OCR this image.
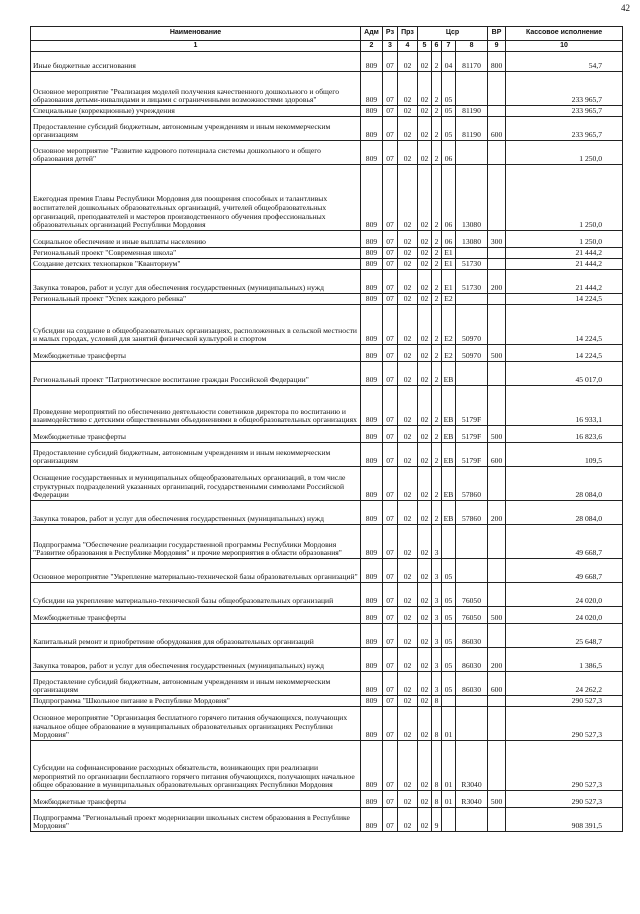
42
Наименование	Адм	Рз	Прз	Цср				ВР	Кассовое исполнение
1	2	3	4	5	6	7	8	9	10
Иные бюджетные ассигнования	809	07	02	02	2	04	81170	800	54,7
Основное мероприятие "Реализация моделей получения качественного дошкольного и общего образования детьми-инвалидами и лицами с ограниченными возможностями здоровья"	809	07	02	02	2	05			233 965,7
Специальные (коррекционные) учреждения	809	07	02	02	2	05	81190		233 965,7
Предоставление субсидий бюджетным, автономным учреждениям и иным некоммерческим организациям	809	07	02	02	2	05	81190	600	233 965,7
Основное мероприятие "Развитие кадрового потенциала системы дошкольного и общего образования детей"	809	07	02	02	2	06			1 250,0
Ежегодная премия Главы Республики Мордовия для поощрения способных и талантливых воспитателей дошкольных образовательных организаций, учителей общеобразовательных организаций, преподавателей и мастеров производственного обучения профессиональных образовательных организаций Республики Мордовия	809	07	02	02	2	06	13080		1 250,0
Социальное обеспечение и иные выплаты населению	809	07	02	02	2	06	13080	300	1 250,0
Региональный проект "Современная школа"	809	07	02	02	2	E1			21 444,2
Создание детских технопарков "Кванториум"	809	07	02	02	2	E1	51730		21 444,2
Закупка товаров, работ и услуг для обеспечения государственных (муниципальных) нужд	809	07	02	02	2	E1	51730	200	21 444,2
Региональный проект "Успех каждого ребенка"	809	07	02	02	2	E2			14 224,5
Субсидии на создание в общеобразовательных организациях, расположенных в сельской местности и малых городах, условий для занятий физической культурой и спортом	809	07	02	02	2	E2	50970		14 224,5
Межбюджетные трансферты	809	07	02	02	2	E2	50970	500	14 224,5
Региональный проект "Патриотическое воспитание граждан Российской Федерации"	809	07	02	02	2	EB			45 017,0
Проведение мероприятий по обеспечению деятельности советников директора по воспитанию и взаимодействию с детскими общественными объединениями в общеобразовательных организациях	809	07	02	02	2	EB	5179F		16 933,1
Межбюджетные трансферты	809	07	02	02	2	EB	5179F	500	16 823,6
Предоставление субсидий бюджетным, автономным учреждениям и иным некоммерческим организациям	809	07	02	02	2	EB	5179F	600	109,5
Оснащение государственных и муниципальных общеобразовательных организаций, в том числе структурных подразделений указанных организаций, государственными символами Российской Федерации	809	07	02	02	2	EB	57860		28 084,0
Закупка товаров, работ и услуг для обеспечения государственных (муниципальных) нужд	809	07	02	02	2	EB	57860	200	28 084,0
Подпрограмма "Обеспечение реализации государственной программы Республики Мордовия "Развитие образования в Республике Мордовия" и прочие мероприятия в области образования"	809	07	02	02	3				49 668,7
Основное мероприятие "Укрепление материально-технической базы образовательных организаций"	809	07	02	02	3	05			49 668,7
Субсидии на укрепление материально-технической базы общеобразовательных организаций	809	07	02	02	3	05	76050		24 020,0
Межбюджетные трансферты	809	07	02	02	3	05	76050	500	24 020,0
Капитальный ремонт и приобретение оборудования для образовательных организаций	809	07	02	02	3	05	86030		25 648,7
Закупка товаров, работ и услуг для обеспечения государственных (муниципальных) нужд	809	07	02	02	3	05	86030	200	1 386,5
Предоставление субсидий бюджетным, автономным учреждениям и иным некоммерческим организациям	809	07	02	02	3	05	86030	600	24 262,2
Подпрограмма "Школьное питание в Республике Мордовия"	809	07	02	02	8				290 527,3
Основное мероприятие "Организация бесплатного горячего питания обучающихся, получающих начальное общее образование в муниципальных образовательных организациях Республики Мордовия"	809	07	02	02	8	01			290 527,3
Субсидии на софинансирование расходных обязательств, возникающих при реализации мероприятий по организации бесплатного горячего питания обучающихся, получающих начальное общее образование в муниципальных образовательных организациях Республики Мордовия	809	07	02	02	8	01	R3040		290 527,3
Межбюджетные трансферты	809	07	02	02	8	01	R3040	500	290 527,3
Подпрограмма "Региональный проект модернизации школьных систем образования в Республике Мордовия"	809	07	02	02	9				908 391,5
